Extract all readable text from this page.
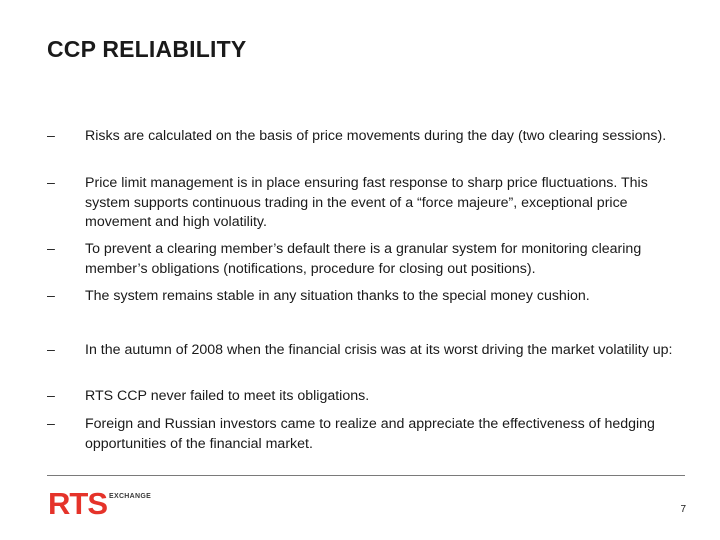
CCP RELIABILITY
–	Risks are calculated on the basis of price movements during the day (two clearing sessions).
–	Price limit management is in place ensuring fast response to sharp price fluctuations. This system supports continuous trading in the event of a “force majeure”, exceptional price movement and high volatility.
–	To prevent a clearing member’s default there is a granular system for monitoring clearing member’s obligations (notifications, procedure for closing out positions).
–	The system remains stable in any situation thanks to the special money cushion.
–	In the autumn of 2008 when the financial crisis was at its worst driving the market volatility up:
–	RTS CCP never failed to meet its obligations.
–	Foreign and Russian investors came to realize and appreciate the effectiveness of hedging opportunities of the financial market.
RTS EXCHANGE
7
